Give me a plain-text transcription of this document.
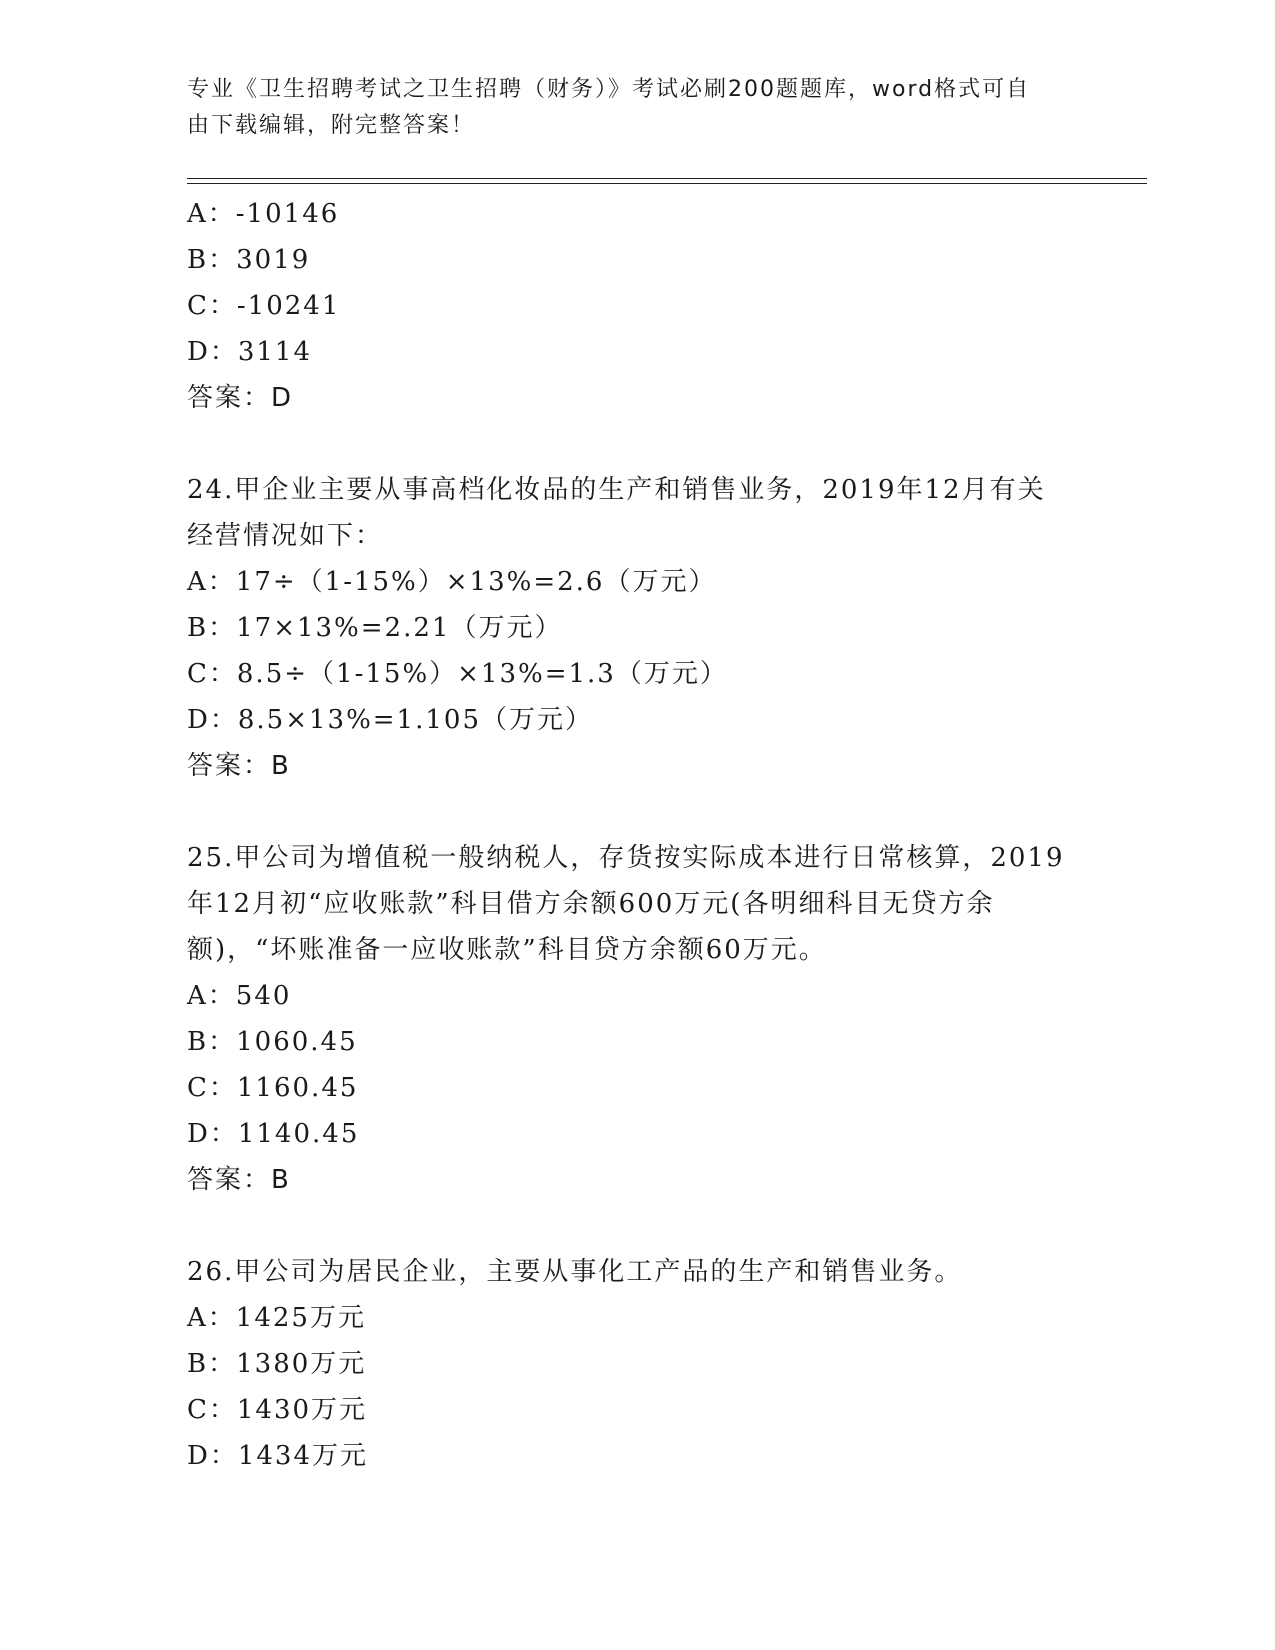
专业《卫生招聘考试之卫生招聘（财务）》考试必刷200题题库，word格式可自
由下载编辑，附完整答案！
A：-10146
B：3019
C：-10241
D：3114
答案：D
24.甲企业主要从事高档化妆品的生产和销售业务，2019年12月有关
经营情况如下：
A：17÷（1-15%）×13%=2.6（万元）
B：17×13%=2.21（万元）
C：8.5÷（1-15%）×13%=1.3（万元）
D：8.5×13%=1.105（万元）
答案：B
25.甲公司为增值税一般纳税人，存货按实际成本进行日常核算，2019
年12月初“应收账款”科目借方余额600万元(各明细科目无贷方余
额)，“坏账准备一应收账款”科目贷方余额60万元。
A：540
B：1060.45
C：1160.45
D：1140.45
答案：B
26.甲公司为居民企业，主要从事化工产品的生产和销售业务。
A：1425万元
B：1380万元
C：1430万元
D：1434万元
